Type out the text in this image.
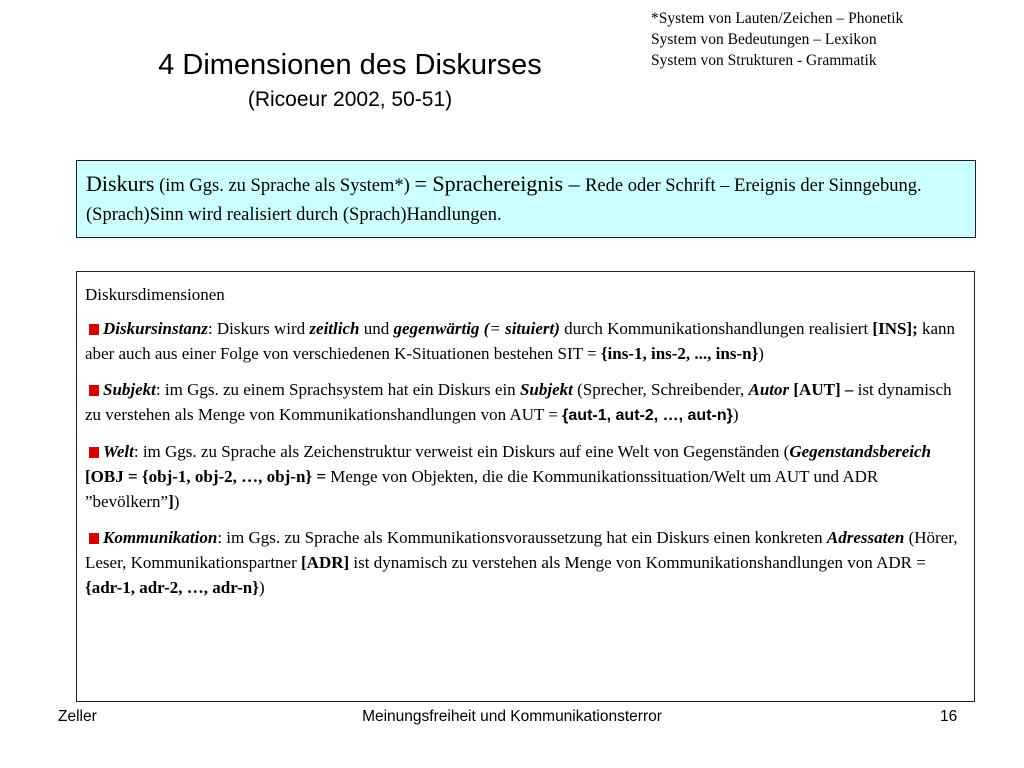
*System von Lauten/Zeichen – Phonetik
System von Bedeutungen – Lexikon
System von Strukturen - Grammatik
4 Dimensionen des Diskurses
(Ricoeur 2002, 50-51)
Diskurs (im Ggs. zu Sprache als System*) = Sprachereignis – Rede oder Schrift – Ereignis der Sinngebung. (Sprach)Sinn wird realisiert durch (Sprach)Handlungen.

Diskursdimensionen

Diskursinstanz: Diskurs wird zeitlich und gegenwärtig (= situiert) durch Kommunikationshandlungen realisiert [INS]; kann aber auch aus einer Folge von verschiedenen K-Situationen bestehen SIT = {ins-1, ins-2, ..., ins-n})

Subjekt: im Ggs. zu einem Sprachsystem hat ein Diskurs ein Subjekt (Sprecher, Schreibender, Autor [AUT] – ist dynamisch zu verstehen als Menge von Kommunikationshandlungen von AUT = {aut-1, aut-2, …, aut-n})

Welt: im Ggs. zu Sprache als Zeichenstruktur verweist ein Diskurs auf eine Welt von Gegenständen (Gegenstandsbereich [OBJ = {obj-1, obj-2, …, obj-n} = Menge von Objekten, die die Kommunikationssituation/Welt um AUT und ADR ”bevölkern”])

Kommunikation: im Ggs. zu Sprache als Kommunikationsvoraussetzung hat ein Diskurs einen konkreten Adressaten (Hörer, Leser, Kommunikationspartner [ADR] ist dynamisch zu verstehen als Menge von Kommunikationshandlungen von ADR = {adr-1, adr-2, …, adr-n})

Zeller	Meinungsfreiheit und Kommunikationsterror	16
